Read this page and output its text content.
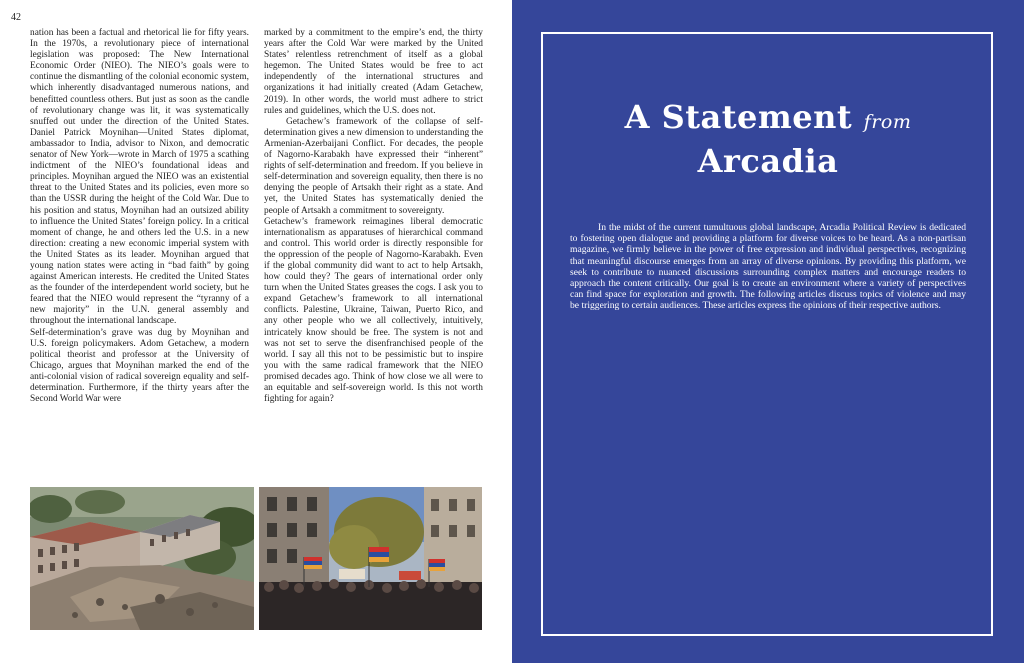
42

nation has been a factual and rhetorical lie for fifty years. In the 1970s, a revolutionary piece of international legislation was proposed: The New International Economic Order (NIEO). The NIEO’s goals were to continue the dismantling of the colonial economic system, which inherently disadvantaged numerous nations, and benefitted countless others. But just as soon as the candle of revolutionary change was lit, it was systematically snuffed out under the direction of the United States. Daniel Patrick Moynihan—United States diplomat, ambassador to India, advisor to Nixon, and democratic senator of New York—wrote in March of 1975 a scathing indictment of the NIEO’s foundational ideas and principles. Moynihan argued the NIEO was an existential threat to the United States and its policies, even more so than the USSR during the height of the Cold War. Due to his position and status, Moynihan had an outsized ability to influence the United States’ foreign policy. In a critical moment of change, he and others led the U.S. in a new direction: creating a new economic imperial system with the United States as its leader. Moynihan argued that young nation states were acting in “bad faith” by going against American interests. He credited the United States as the founder of the interdependent world society, but he feared that the NIEO would represent the “tyranny of a new majority” in the U.N. general assembly and throughout the international landscape.

Self-determination’s grave was dug by Moynihan and U.S. foreign policymakers. Adom Getachew, a modern political theorist and professor at the University of Chicago, argues that Moynihan marked the end of the anti-colonial vision of radical sovereign equality and self-determination. Furthermore, if the thirty years after the Second World War were

marked by a commitment to the empire’s end, the thirty years after the Cold War were marked by the United States’ relentless retrenchment of itself as a global hegemon. The United States would be free to act independently of the international structures and organizations it had initially created (Adam Getachew, 2019). In other words, the world must adhere to strict rules and guidelines, which the U.S. does not.

Getachew’s framework of the collapse of self-determination gives a new dimension to understanding the Armenian-Azerbaijani Conflict. For decades, the people of Nagorno-Karabakh have expressed their “inherent” rights of self-determination and freedom. If you believe in self-determination and sovereign equality, then there is no denying the people of Artsakh their right as a state. And yet, the United States has systematically denied the people of Artsakh a commitment to sovereignty.

Getachew’s framework reimagines liberal democratic internationalism as apparatuses of hierarchical command and control. This world order is directly responsible for the oppression of the people of Nagorno-Karabakh. Even if the global community did want to act to help Artsakh, how could they? The gears of international order only turn when the United States greases the cogs. I ask you to expand Getachew’s framework to all international conflicts. Palestine, Ukraine, Taiwan, Puerto Rico, and any other people who we all collectively, intuitively, intricately know should be free. The system is not and was not set to serve the disenfranchised people of the world. I say all this not to be pessimistic but to inspire you with the same radical framework that the NIEO promised decades ago. Think of how close we all were to an equitable and self-sovereign world. Is this not worth fighting for again?

A Statement from
Arcadia

In the midst of the current tumultuous global landscape, Arcadia Political Review is dedicated to fostering open dialogue and providing a platform for diverse voices to be heard. As a non-partisan magazine, we firmly believe in the power of free expression and individual perspectives, recognizing that meaningful discourse emerges from an array of diverse opinions. By providing this platform, we seek to contribute to nuanced discussions surrounding complex matters and encourage readers to approach the content critically. Our goal is to create an environment where a variety of perspectives can find space for exploration and growth. The following articles discuss topics of violence and may be triggering to certain audiences. These articles express the opinions of their respective authors.
